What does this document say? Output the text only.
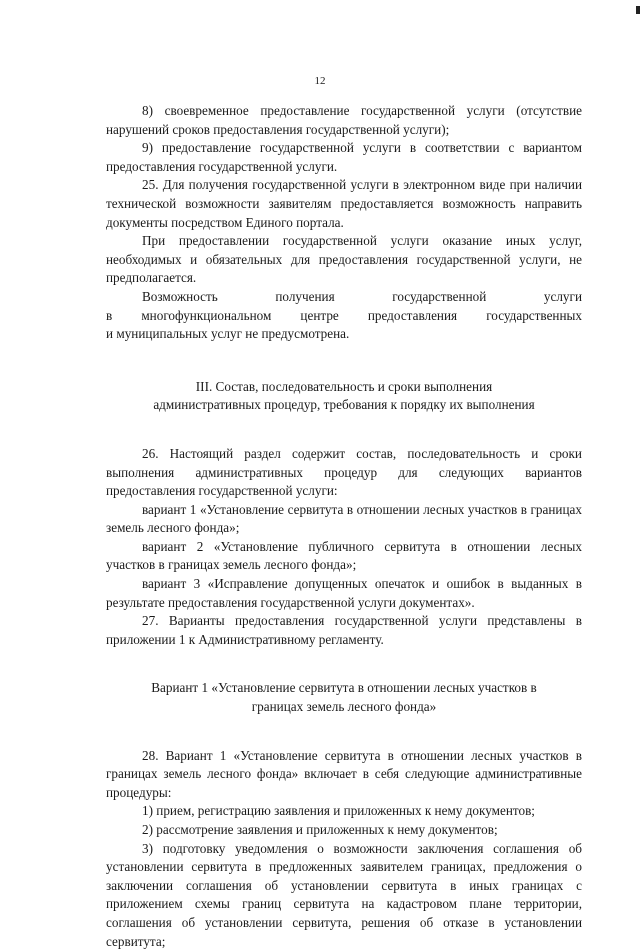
12

8) своевременное предоставление государственной услуги (отсутствие нарушений сроков предоставления государственной услуги);

9) предоставление государственной услуги в соответствии с вариантом предоставления государственной услуги.

25. Для получения государственной услуги в электронном виде при наличии технической возможности заявителям предоставляется возможность направить документы посредством Единого портала.

При предоставлении государственной услуги оказание иных услуг, необходимых и обязательных для предоставления государственной услуги, не предполагается.

Возможность получения государственной услуги

в многофункциональном центре предоставления государственных

и муниципальных услуг не предусмотрена.

III. Состав, последовательность и сроки выполнения

административных процедур, требования к порядку их выполнения

26. Настоящий раздел содержит состав, последовательность и сроки выполнения административных процедур для следующих вариантов предоставления государственной услуги:

вариант 1 «Установление сервитута в отношении лесных участков в границах земель лесного фонда»;

вариант 2 «Установление публичного сервитута в отношении лесных участков в границах земель лесного фонда»;

вариант 3 «Исправление допущенных опечаток и ошибок в выданных в результате предоставления государственной услуги документах».

27. Варианты предоставления государственной услуги представлены в приложении 1 к Административному регламенту.

Вариант 1 «Установление сервитута в отношении лесных участков в

границах земель лесного фонда»

28. Вариант 1 «Установление сервитута в отношении лесных участков в границах земель лесного фонда» включает в себя следующие административные процедуры:

1) прием, регистрацию заявления и приложенных к нему документов;

2) рассмотрение заявления и приложенных к нему документов;

3) подготовку уведомления о возможности заключения соглашения об установлении сервитута в предложенных заявителем границах, предложения о заключении соглашения об установлении сервитута в иных границах с приложением схемы границ сервитута на кадастровом плане территории, соглашения об установлении сервитута, решения об отказе в установлении сервитута;
